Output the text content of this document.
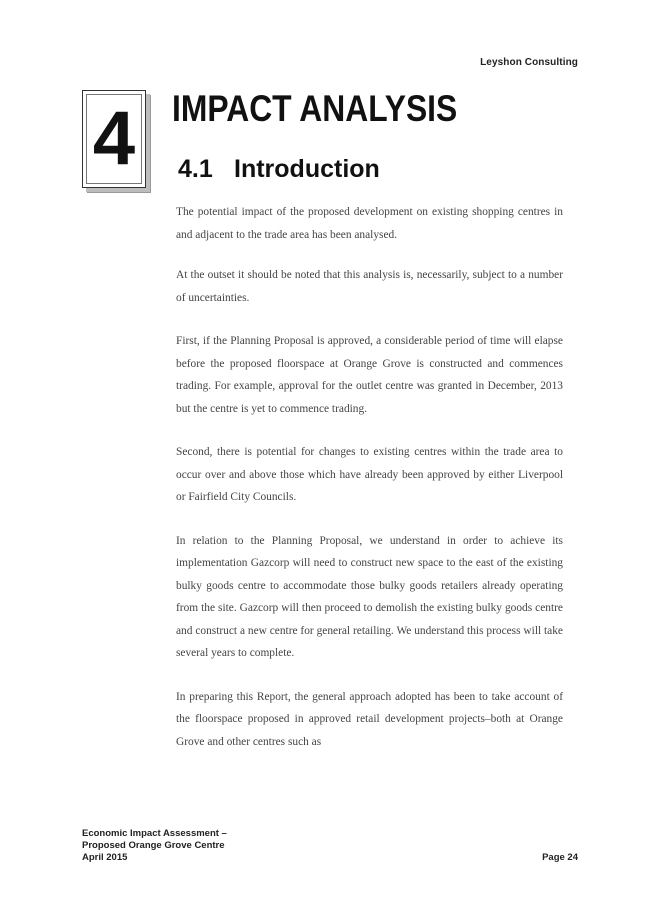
Leyshon Consulting
4 IMPACT ANALYSIS
4.1 Introduction

The potential impact of the proposed development on existing shopping centres in and adjacent to the trade area has been analysed.

At the outset it should be noted that this analysis is, necessarily, subject to a number of uncertainties.

First, if the Planning Proposal is approved, a considerable period of time will elapse before the proposed floorspace at Orange Grove is constructed and commences trading. For example, approval for the outlet centre was granted in December, 2013 but the centre is yet to commence trading.

Second, there is potential for changes to existing centres within the trade area to occur over and above those which have already been approved by either Liverpool or Fairfield City Councils.

In relation to the Planning Proposal, we understand in order to achieve its implementation Gazcorp will need to construct new space to the east of the existing bulky goods centre to accommodate those bulky goods retailers already operating from the site. Gazcorp will then proceed to demolish the existing bulky goods centre and construct a new centre for general retailing. We understand this process will take several years to complete.

In preparing this Report, the general approach adopted has been to take account of the floorspace proposed in approved retail development projects–both at Orange Grove and other centres such as

Economic Impact Assessment –
Proposed Orange Grove Centre
April 2015	Page 24
